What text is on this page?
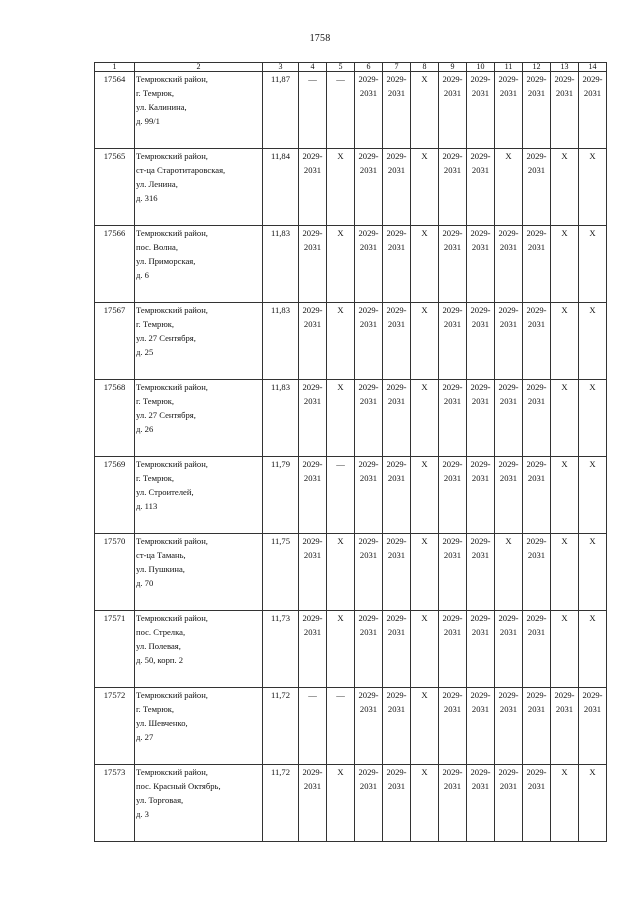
1758
1	2	3	4	5	6	7	8	9	10	11	12	13	14
17564	Темрюкский район,
г. Темрюк,
ул. Калинина,
д. 99/1	11,87	—	—	2029-
2031	2029-
2031	X	2029-
2031	2029-
2031	2029-
2031	2029-
2031	2029-
2031	2029-
2031

17565	Темрюкский район,
ст-ца Старотитаровская,
ул. Ленина,
д. 316	11,84	2029-
2031	X	2029-
2031	2029-
2031	X	2029-
2031	2029-
2031	X	2029-
2031	X	X

17566	Темрюкский район,
пос. Волна,
ул. Приморская,
д. 6	11,83	2029-
2031	X	2029-
2031	2029-
2031	X	2029-
2031	2029-
2031	2029-
2031	2029-
2031	X	X

17567	Темрюкский район,
г. Темрюк,
ул. 27 Сентября,
д. 25	11,83	2029-
2031	X	2029-
2031	2029-
2031	X	2029-
2031	2029-
2031	2029-
2031	2029-
2031	X	X

17568	Темрюкский район,
г. Темрюк,
ул. 27 Сентября,
д. 26	11,83	2029-
2031	X	2029-
2031	2029-
2031	X	2029-
2031	2029-
2031	2029-
2031	2029-
2031	X	X

17569	Темрюкский район,
г. Темрюк,
ул. Строителей,
д. 113	11,79	2029-
2031	—	2029-
2031	2029-
2031	X	2029-
2031	2029-
2031	2029-
2031	2029-
2031	X	X

17570	Темрюкский район,
ст-ца Тамань,
ул. Пушкина,
д. 70	11,75	2029-
2031	X	2029-
2031	2029-
2031	X	2029-
2031	2029-
2031	X	2029-
2031	X	X

17571	Темрюкский район,
пос. Стрелка,
ул. Полевая,
д. 50, корп. 2	11,73	2029-
2031	X	2029-
2031	2029-
2031	X	2029-
2031	2029-
2031	2029-
2031	2029-
2031	X	X

17572	Темрюкский район,
г. Темрюк,
ул. Шевченко,
д. 27	11,72	—	—	2029-
2031	2029-
2031	X	2029-
2031	2029-
2031	2029-
2031	2029-
2031	2029-
2031	2029-
2031

17573	Темрюкский район,
пос. Красный Октябрь,
ул. Торговая,
д. 3	11,72	2029-
2031	X	2029-
2031	2029-
2031	X	2029-
2031	2029-
2031	2029-
2031	2029-
2031	X	X
